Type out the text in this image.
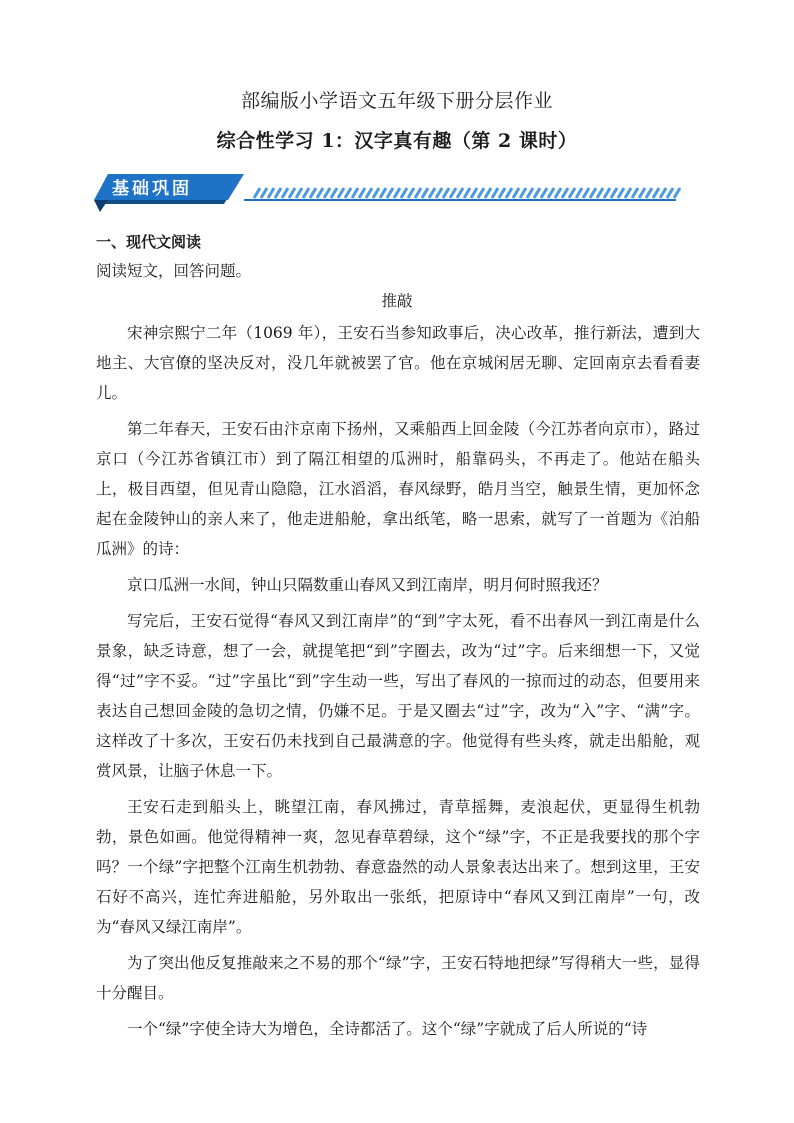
部编版小学语文五年级下册分层作业
综合性学习 1：汉字真有趣（第 2 课时）
基础巩固
一、现代文阅读
阅读短文，回答问题。
推敲

宋神宗熙宁二年（1069 年），王安石当参知政事后，决心改革，推行新法，遭到大地主、大官僚的坚决反对，没几年就被罢了官。他在京城闲居无聊、定回南京去看看妻儿。

第二年春天，王安石由汴京南下扬州，又乘船西上回金陵（今江苏者向京市），路过京口（今江苏省镇江市）到了隔江相望的瓜洲时，船靠码头，不再走了。他站在船头上，极目西望，但见青山隐隐，江水滔滔，春风绿野，皓月当空，触景生情，更加怀念起在金陵钟山的亲人来了，他走进船舱，拿出纸笔，略一思索，就写了一首题为《泊船瓜洲》的诗：

京口瓜洲一水间，钟山只隔数重山春风又到江南岸，明月何时照我还？

写完后，王安石觉得“春风又到江南岸”的“到”字太死，看不出春风一到江南是什么景象，缺乏诗意，想了一会，就提笔把“到”字圈去，改为“过”字。后来细想一下，又觉得“过”字不妥。“过”字虽比“到”字生动一些，写出了春风的一掠而过的动态，但要用来表达自己想回金陵的急切之情，仍嫌不足。于是又圈去“过”字，改为“入”字、“满”字。这样改了十多次，王安石仍未找到自己最满意的字。他觉得有些头疼，就走出船舱，观赏风景，让脑子休息一下。

王安石走到船头上，眺望江南，春风拂过，青草摇舞，麦浪起伏，更显得生机勃勃，景色如画。他觉得精神一爽，忽见春草碧绿，这个“绿”字，不正是我要找的那个字吗？一个绿”字把整个江南生机勃勃、春意盎然的动人景象表达出来了。想到这里，王安石好不高兴，连忙奔进船舱，另外取出一张纸，把原诗中“春风又到江南岸”一句，改为“春风又绿江南岸”。

为了突出他反复推敲来之不易的那个“绿”字，王安石特地把绿”写得稍大一些，显得十分醒目。

一个“绿”字使全诗大为增色，全诗都活了。这个“绿”字就成了后人所说的“诗
